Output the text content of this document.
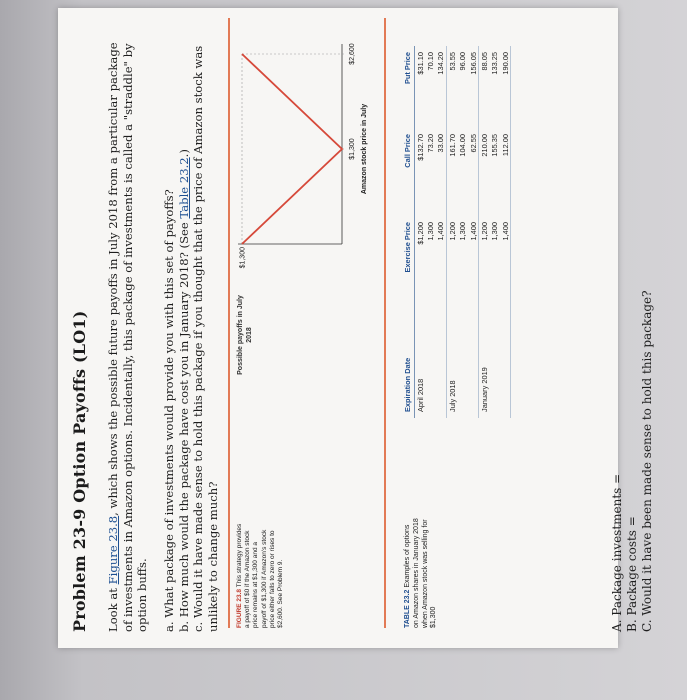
Problem 23-9 Option Payoffs (LO1) Look at Figure 23.8, which shows the possible future payoffs in July 2018 from a particular package of investments in Amazon options. Incidentally, this package of investments is called a "straddle" by option buffs. a. What package of investments would provide you with this set of payoffs? b. How much would the package have cost you in January 2018? (See Table 23.2.) c. Would it have made sense to hold this package if you thought that the price of Amazon stock was unlikely to change much?	FIGURE 23.8 This strategy provides a payoff of $0 if the Amazon stock price remains at $1,300 and a payoff of $1,300 if Amazon's stock price either falls to zero or rises to $2,600. See Problem 9.
Possible payoffs in July 2018
$1,300
$1,300
$2,600
Amazon stock price in July
TABLE 23.2 Examples of options on Amazon shares in January 2018 when Amazon stock was selling for $1,300
Expiration Date	Exercise Price	Call Price	Put Price
April 2018	$1,200	$132.70	$31.10
	1,300	73.20	70.10
	1,400	33.00	134.20
July 2018	1,200	161.70	53.55
	1,300	104.00	96.00
	1,400	62.55	156.05
January 2019	1,200	210.00	88.05
	1,300	155.35	133.25
	1,400	112.00	190.00
A. Package investments = B. Package costs = C. Would it have been made sense to hold this package?
